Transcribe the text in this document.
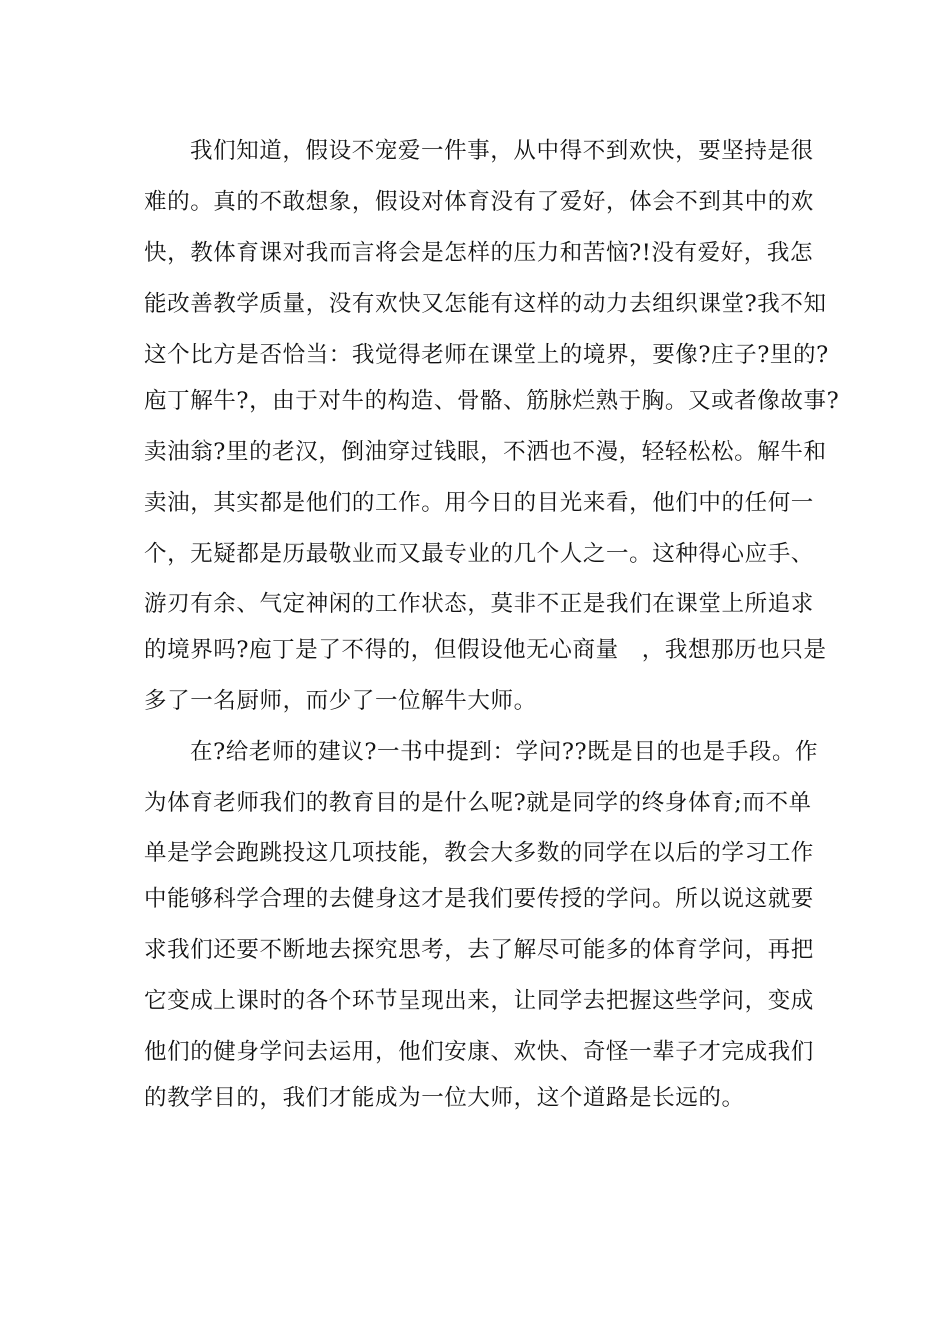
我们知道，假设不宠爱一件事，从中得不到欢快，要坚持是很
难的。真的不敢想象，假设对体育没有了爱好，体会不到其中的欢
快，教体育课对我而言将会是怎样的压力和苦恼?!没有爱好，我怎
能改善教学质量，没有欢快又怎能有这样的动力去组织课堂?我不知
这个比方是否恰当：我觉得老师在课堂上的境界，要像?庄子?里的?
庖丁解牛?，由于对牛的构造、骨骼、筋脉烂熟于胸。又或者像故事?
卖油翁?里的老汉，倒油穿过钱眼，不洒也不漫，轻轻松松。解牛和
卖油，其实都是他们的工作。用今日的目光来看，他们中的任何一
个，无疑都是历最敬业而又最专业的几个人之一。这种得心应手、
游刃有余、气定神闲的工作状态，莫非不正是我们在课堂上所追求
的境界吗?庖丁是了不得的，但假设他无心商量　，我想那历也只是
多了一名厨师，而少了一位解牛大师。
在?给老师的建议?一书中提到：学问??既是目的也是手段。作
为体育老师我们的教育目的是什么呢?就是同学的终身体育;而不单
单是学会跑跳投这几项技能，教会大多数的同学在以后的学习工作
中能够科学合理的去健身这才是我们要传授的学问。所以说这就要
求我们还要不断地去探究思考，去了解尽可能多的体育学问，再把
它变成上课时的各个环节呈现出来，让同学去把握这些学问，变成
他们的健身学问去运用，他们安康、欢快、奇怪一辈子才完成我们
的教学目的，我们才能成为一位大师，这个道路是长远的。
